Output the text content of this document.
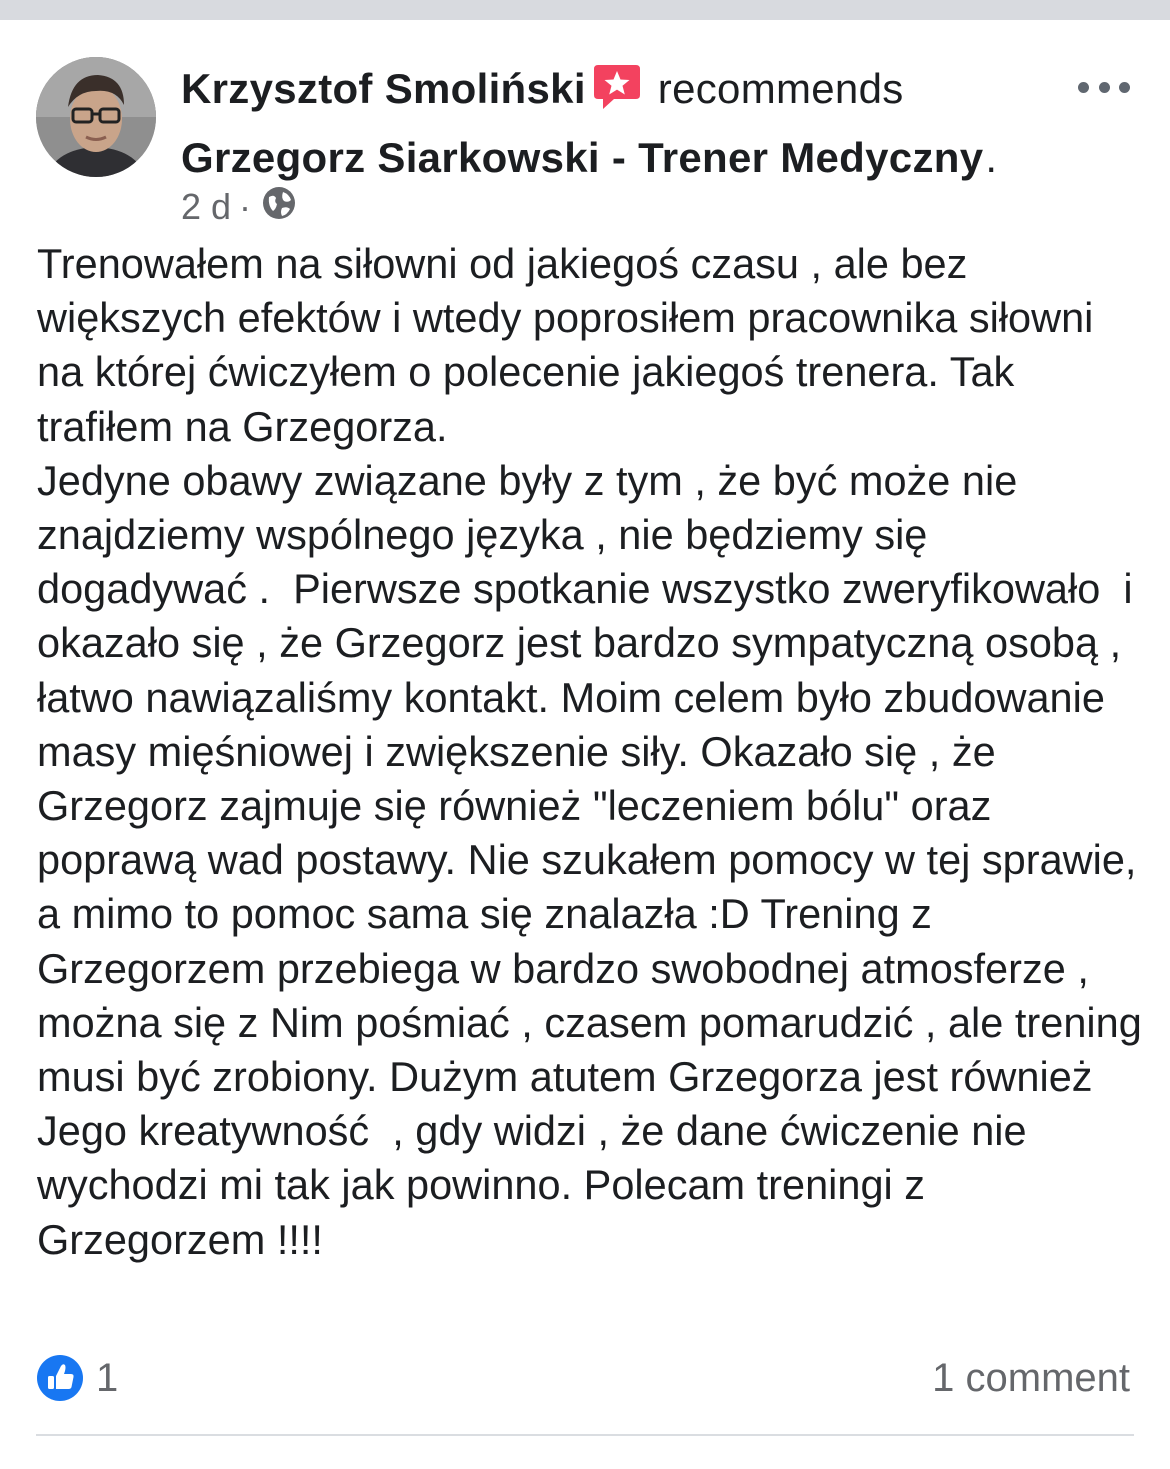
Krzysztof Smoliński recommends
Grzegorz Siarkowski - Trener Medyczny.
2 d ·
Trenowałem na siłowni od jakiegoś czasu , ale bez większych efektów i wtedy poprosiłem pracownika siłowni na której ćwiczyłem o polecenie jakiegoś trenera. Tak trafiłem na Grzegorza.
Jedyne obawy związane były z tym , że być może nie znajdziemy wspólnego języka , nie będziemy się dogadywać .  Pierwsze spotkanie wszystko zweryfikowało  i okazało się , że Grzegorz jest bardzo sympatyczną osobą , łatwo nawiązaliśmy kontakt. Moim celem było zbudowanie masy mięśniowej i zwiększenie siły. Okazało się , że Grzegorz zajmuje się również "leczeniem bólu" oraz poprawą wad postawy. Nie szukałem pomocy w tej sprawie, a mimo to pomoc sama się znalazła :D Trening z Grzegorzem przebiega w bardzo swobodnej atmosferze , można się z Nim pośmiać , czasem pomarudzić , ale trening musi być zrobiony. Dużym atutem Grzegorza jest również Jego kreatywność  , gdy widzi , że dane ćwiczenie nie wychodzi mi tak jak powinno. Polecam treningi z Grzegorzem !!!!
1	1 comment
